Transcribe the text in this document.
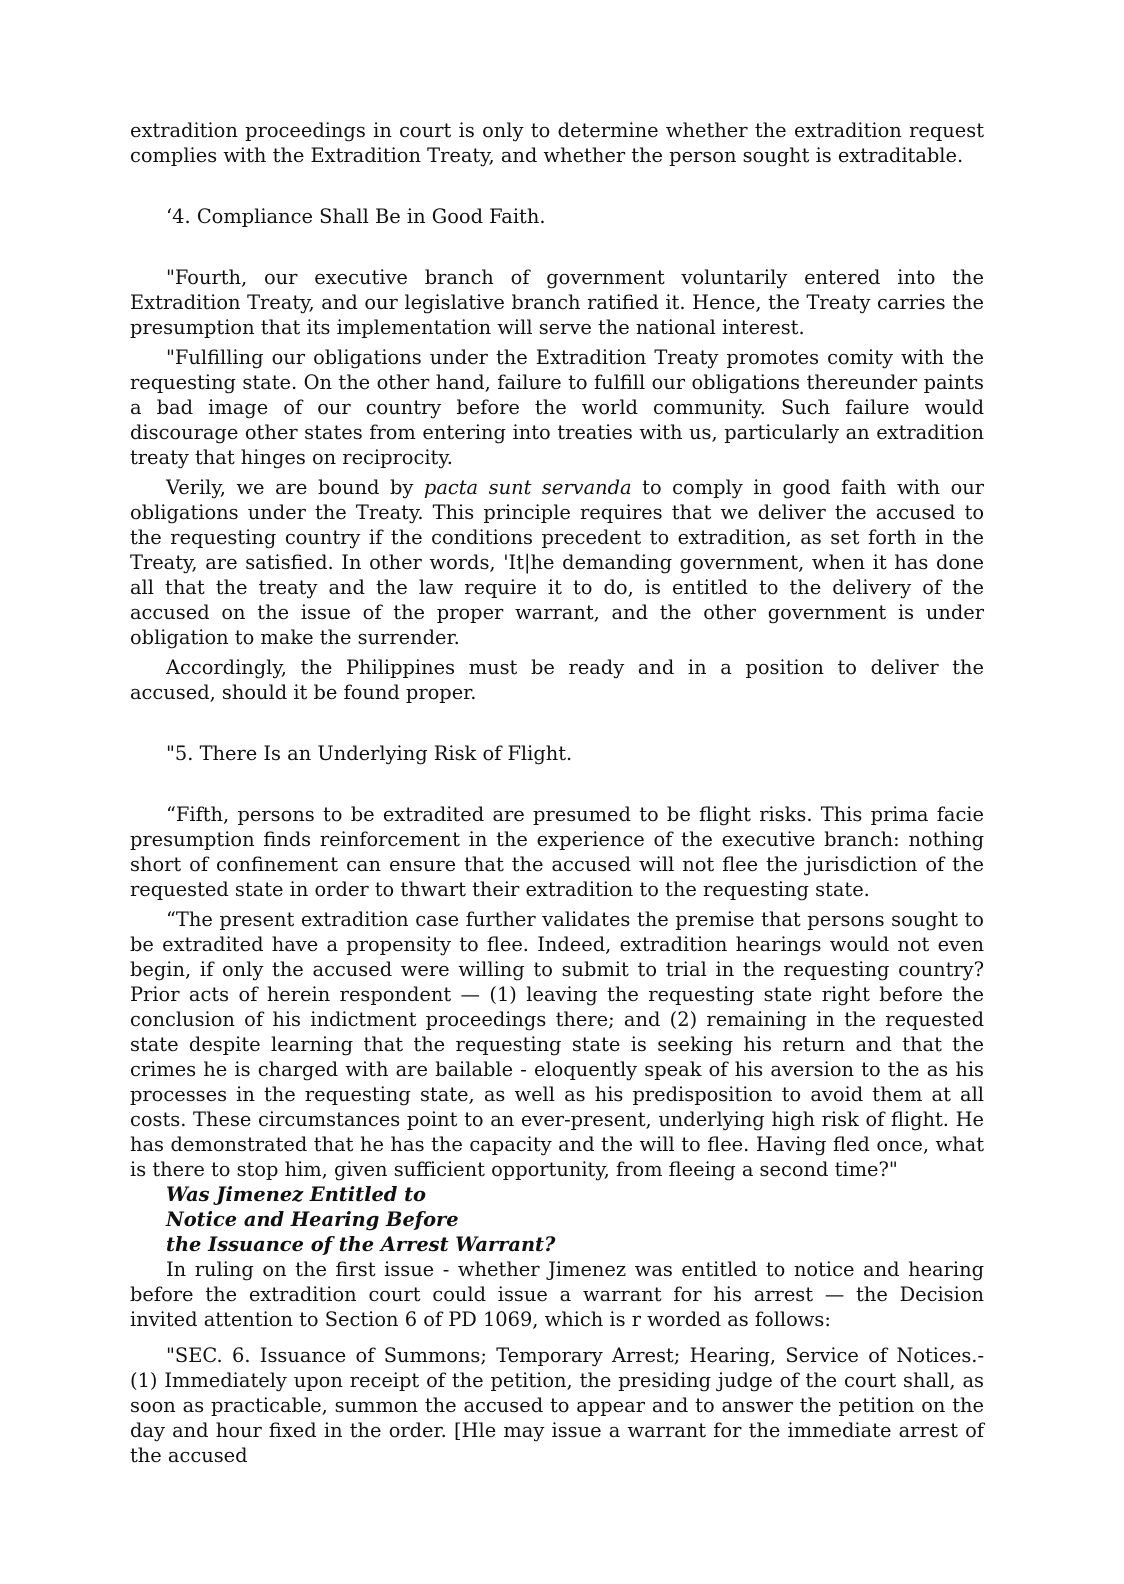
extradition proceedings in court is only to determine whether the extradition request complies with the Extradition Treaty, and whether the person sought is extraditable.

‘4. Compliance Shall Be in Good Faith.

"Fourth, our executive branch of government voluntarily entered into the Extradition Treaty, and our legislative branch ratified it. Hence, the Treaty carries the presumption that its implementation will serve the national interest.

"Fulfilling our obligations under the Extradition Treaty promotes comity with the requesting state. On the other hand, failure to fulfill our obligations thereunder paints a bad image of our country before the world community. Such failure would discourage other states from entering into treaties with us, particularly an extradition treaty that hinges on reciprocity.

Verily, we are bound by pacta sunt servanda to comply in good faith with our obligations under the Treaty. This principle requires that we deliver the accused to the requesting country if the conditions precedent to extradition, as set forth in the Treaty, are satisfied. In other words, 'It|he demanding government, when it has done all that the treaty and the law require it to do, is entitled to the delivery of the accused on the issue of the proper warrant, and the other government is under obligation to make the surrender.

Accordingly, the Philippines must be ready and in a position to deliver the accused, should it be found proper.

"5. There Is an Underlying Risk of Flight.

“Fifth, persons to be extradited are presumed to be flight risks. This prima facie presumption finds reinforcement in the experience of the executive branch: nothing short of confinement can ensure that the accused will not flee the jurisdiction of the requested state in order to thwart their extradition to the requesting state.

“The present extradition case further validates the premise that persons sought to be extradited have a propensity to flee. Indeed, extradition hearings would not even begin, if only the accused were willing to submit to trial in the requesting country? Prior acts of herein respondent — (1) leaving the requesting state right before the conclusion of his indictment proceedings there; and (2) remaining in the requested state despite learning that the requesting state is seeking his return and that the crimes he is charged with are bailable - eloquently speak of his aversion to the as his processes in the requesting state, as well as his predisposition to avoid them at all costs. These circumstances point to an ever-present, underlying high risk of flight. He has demonstrated that he has the capacity and the will to flee. Having fled once, what is there to stop him, given sufficient opportunity, from fleeing a second time?"

Was Jimenez Entitled to
Notice and Hearing Before
the Issuance of the Arrest Warrant?

In ruling on the first issue - whether Jimenez was entitled to notice and hearing before the extradition court could issue a warrant for his arrest — the Decision invited attention to Section 6 of PD 1069, which is r worded as follows:

"SEC. 6. Issuance of Summons; Temporary Arrest; Hearing, Service of Notices.- (1) Immediately upon receipt of the petition, the presiding judge of the court shall, as soon as practicable, summon the accused to appear and to answer the petition on the day and hour fixed in the order. [Hle may issue a warrant for the immediate arrest of the accused
